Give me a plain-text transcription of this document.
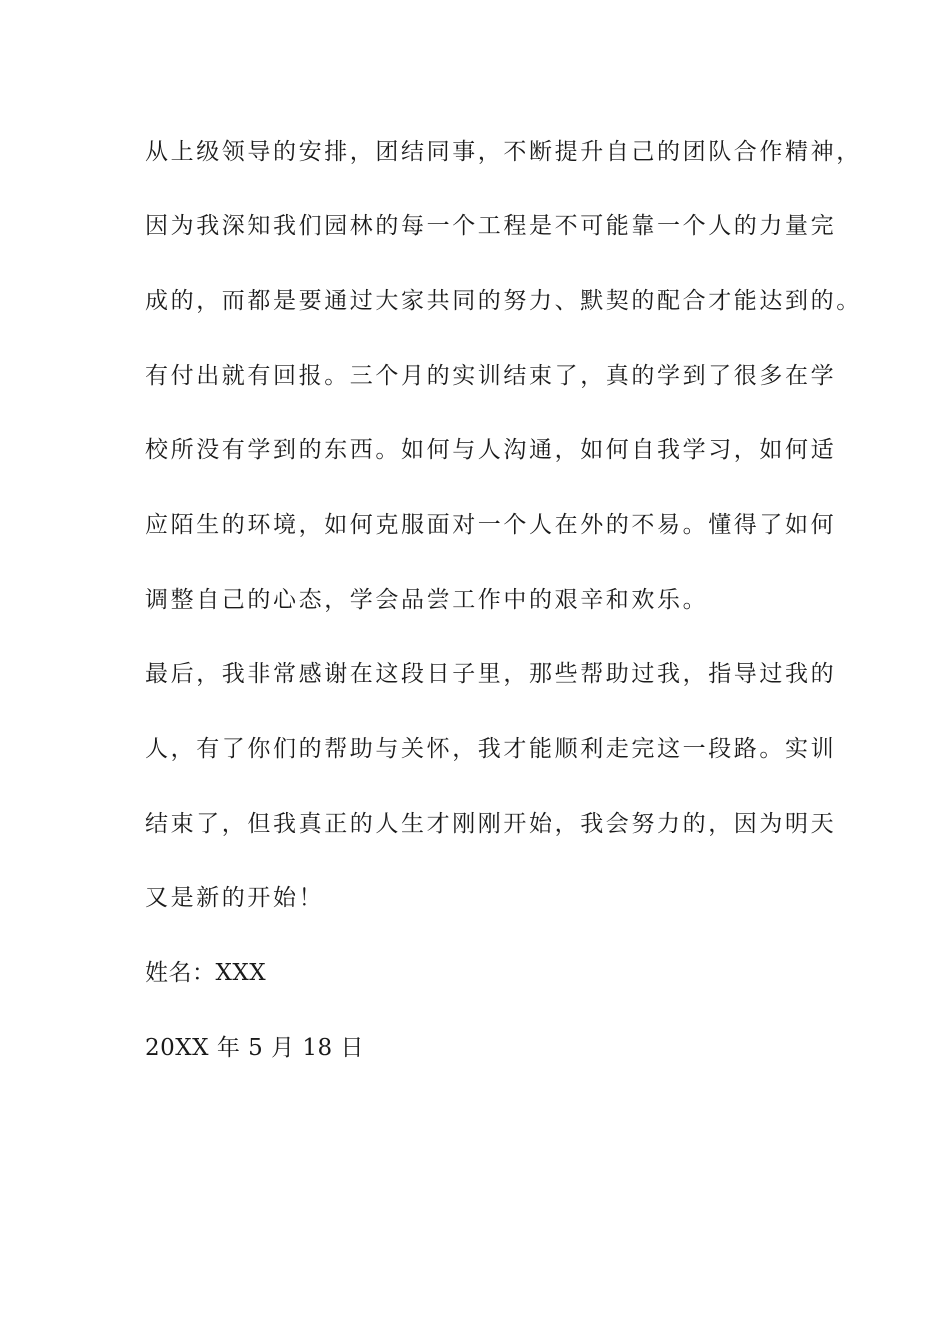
从上级领导的安排，团结同事，不断提升自己的团队合作精神，
因为我深知我们园林的每一个工程是不可能靠一个人的力量完
成的，而都是要通过大家共同的努力、默契的配合才能达到的。
有付出就有回报。三个月的实训结束了，真的学到了很多在学
校所没有学到的东西。如何与人沟通，如何自我学习，如何适
应陌生的环境，如何克服面对一个人在外的不易。懂得了如何
调整自己的心态，学会品尝工作中的艰辛和欢乐。
最后，我非常感谢在这段日子里，那些帮助过我，指导过我的
人，有了你们的帮助与关怀，我才能顺利走完这一段路。实训
结束了，但我真正的人生才刚刚开始，我会努力的，因为明天
又是新的开始！
姓名：XXX
20XX 年 5 月 18 日
